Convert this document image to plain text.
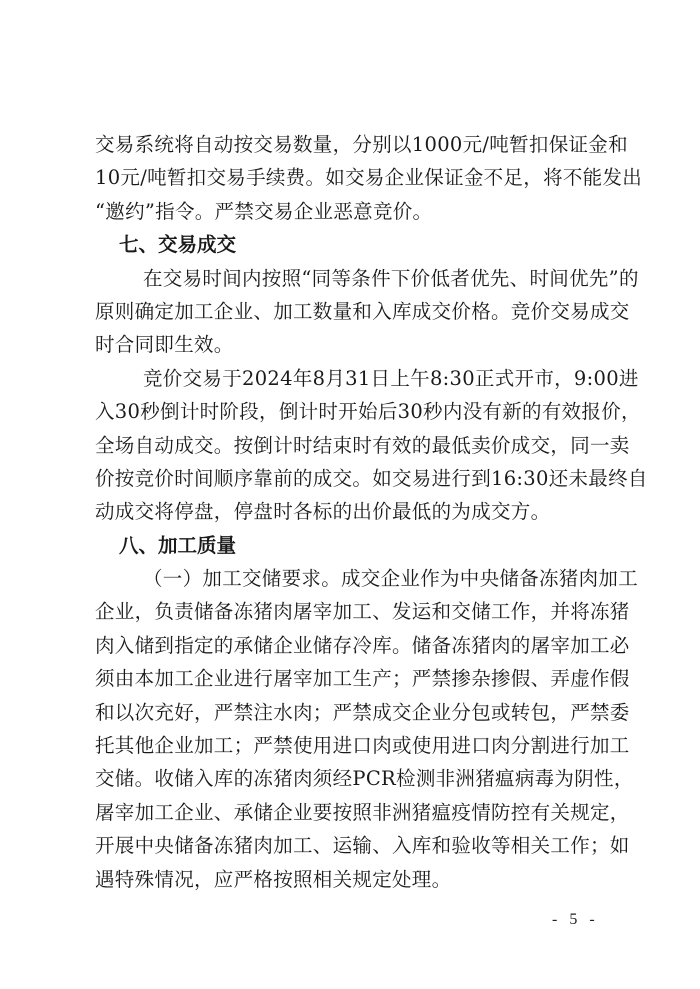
交易系统将自动按交易数量，分别以1000元/吨暂扣保证金和
10元/吨暂扣交易手续费。如交易企业保证金不足，将不能发出
“邀约”指令。严禁交易企业恶意竞价。
七、交易成交
在交易时间内按照“同等条件下价低者优先、时间优先”的
原则确定加工企业、加工数量和入库成交价格。竞价交易成交
时合同即生效。
竞价交易于2024年8月31日上午8:30正式开市，9:00进
入30秒倒计时阶段，倒计时开始后30秒内没有新的有效报价，
全场自动成交。按倒计时结束时有效的最低卖价成交，同一卖
价按竞价时间顺序靠前的成交。如交易进行到16:30还未最终自
动成交将停盘，停盘时各标的出价最低的为成交方。
八、加工质量
（一）加工交储要求。成交企业作为中央储备冻猪肉加工
企业，负责储备冻猪肉屠宰加工、发运和交储工作，并将冻猪
肉入储到指定的承储企业储存冷库。储备冻猪肉的屠宰加工必
须由本加工企业进行屠宰加工生产；严禁掺杂掺假、弄虚作假
和以次充好，严禁注水肉；严禁成交企业分包或转包，严禁委
托其他企业加工；严禁使用进口肉或使用进口肉分割进行加工
交储。收储入库的冻猪肉须经PCR检测非洲猪瘟病毒为阴性，
屠宰加工企业、承储企业要按照非洲猪瘟疫情防控有关规定，
开展中央储备冻猪肉加工、运输、入库和验收等相关工作；如
遇特殊情况，应严格按照相关规定处理。
- 5 -
